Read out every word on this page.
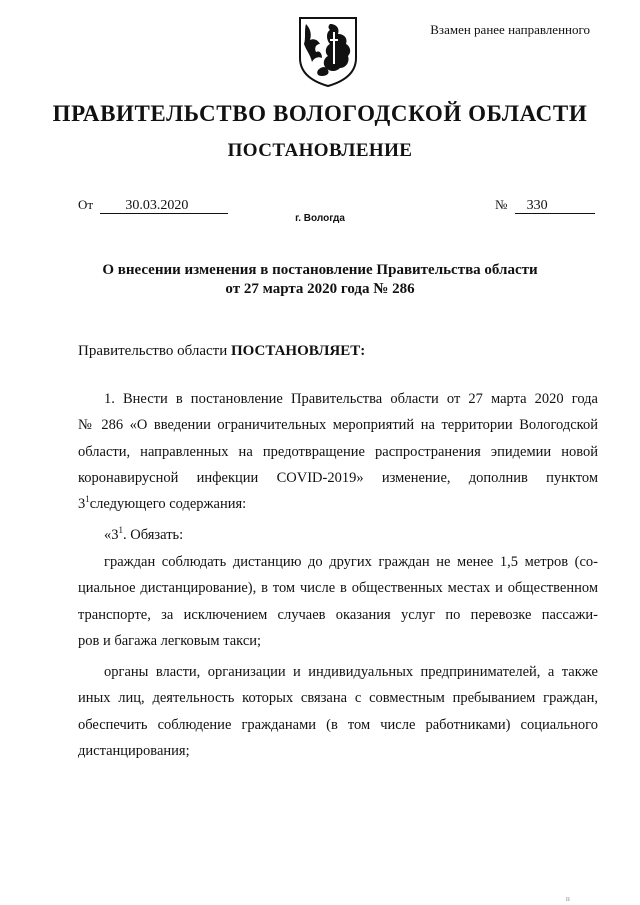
Взамен ранее направленного
ПРАВИТЕЛЬСТВО ВОЛОГОДСКОЙ ОБЛАСТИ
ПОСТАНОВЛЕНИЕ
От 30.03.2020	№ 330
г. Вологда
О внесении изменения в постановление Правительства области
от 27 марта 2020 года № 286
Правительство области ПОСТАНОВЛЯЕТ:
1. Внести в постановление Правительства области от 27 марта 2020 года
№ 286 «О введении ограничительных мероприятий на территории Вологодской
области, направленных на предотвращение распространения эпидемии новой
коронавирусной инфекции COVID-2019» изменение, дополнив пунктом
$3^1следующего$ содержания:
«$3^1$. Обязать:
граждан соблюдать дистанцию до других граждан не менее 1,5 метров (со-
циальное дистанцирование), в том числе в общественных местах и общественном
транспорте, за исключением случаев оказания услуг по перевозке пассажи-
ров и багажа легковым такси;
органы власти, организации и индивидуальных предпринимателей, а также
иных лиц, деятельность которых связана с совместным пребыванием граждан,
обеспечить соблюдение гражданами (в том числе работниками) социального
дистанцирования;
п
